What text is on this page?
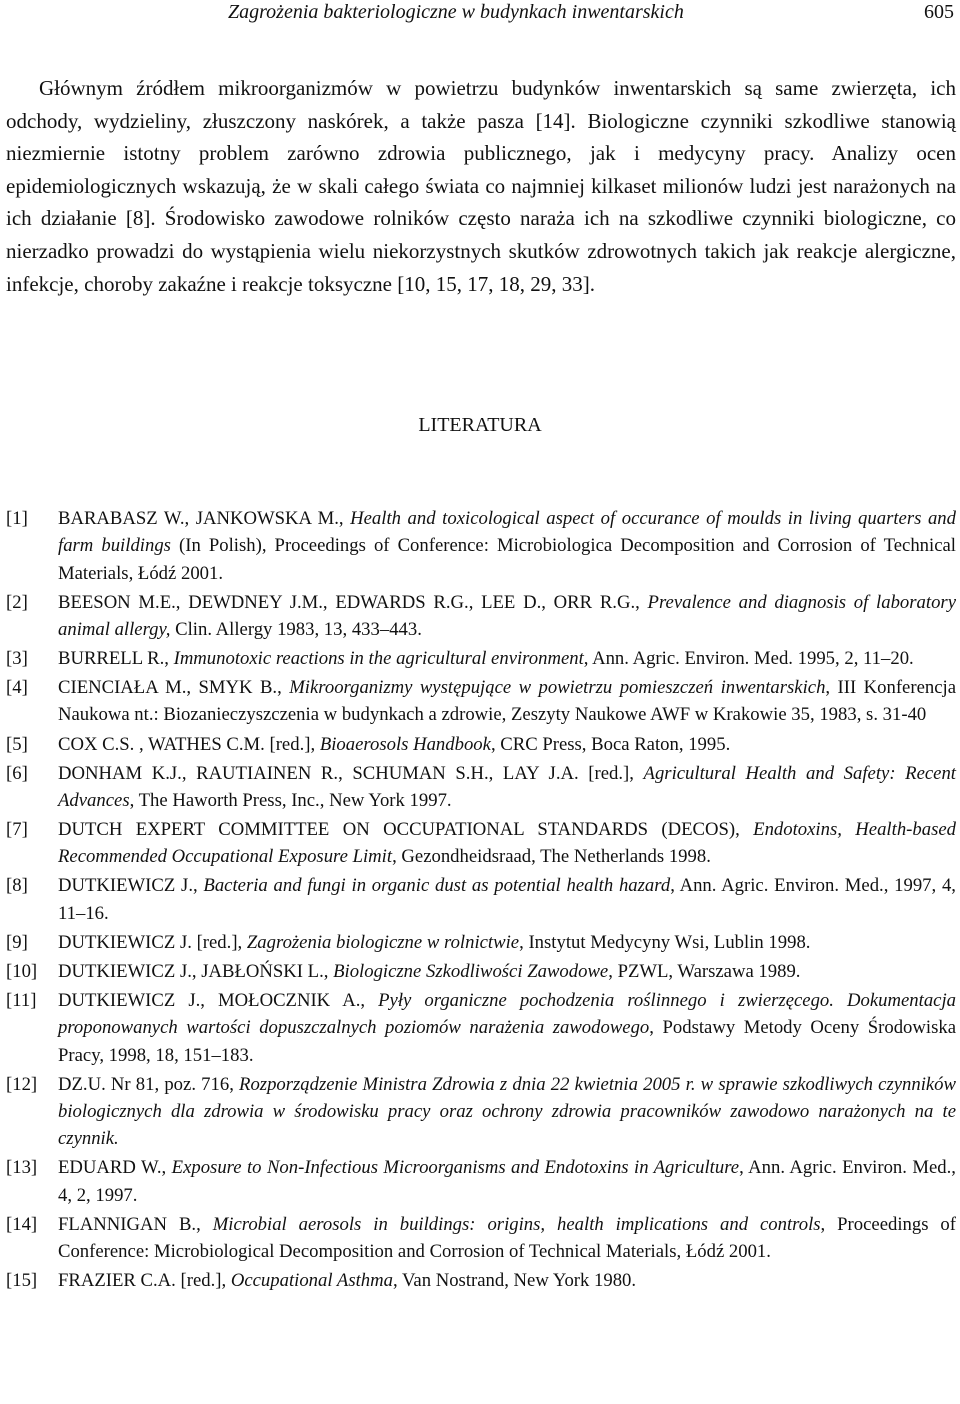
Zagrożenia bakteriologiczne w budynkach inwentarskich	605

Głównym źródłem mikroorganizmów w powietrzu budynków inwentarskich są same zwierzęta, ich odchody, wydzieliny, złuszczony naskórek, a także pasza [14]. Biologiczne czynniki szkodliwe stanowią niezmiernie istotny problem zarówno zdrowia publicznego, jak i medycyny pracy. Analizy ocen epidemiologicznych wskazują, że w skali całego świata co najmniej kilkaset milionów ludzi jest narażonych na ich działanie [8]. Środowisko zawodowe rolników często naraża ich na szkodliwe czynniki biologiczne, co nierzadko prowadzi do wystąpienia wielu niekorzystnych skutków zdrowotnych takich jak reakcje alergiczne, infekcje, choroby zakaźne i reakcje toksyczne [10, 15, 17, 18, 29, 33].

LITERATURA
[1] BARABASZ W., JANKOWSKA M., Health and toxicological aspect of occurance of moulds in living quarters and farm buildings (In Polish), Proceedings of Conference: Microbiologica Decomposition and Corrosion of Technical Materials, Łódź 2001.
[2] BEESON M.E., DEWDNEY J.M., EDWARDS R.G., LEE D., ORR R.G., Prevalence and diagnosis of laboratory animal allergy, Clin. Allergy 1983, 13, 433–443.
[3] BURRELL R., Immunotoxic reactions in the agricultural environment, Ann. Agric. Environ. Med. 1995, 2, 11–20.
[4] CIENCIAŁA M., SMYK B., Mikroorganizmy występujące w powietrzu pomieszczeń inwentarskich, III Konferencja Naukowa nt.: Biozanieczyszczenia w budynkach a zdrowie, Zeszyty Naukowe AWF w Krakowie 35, 1983, s. 31-40
[5] COX C.S. , WATHES C.M. [red.], Bioaerosols Handbook, CRC Press, Boca Raton, 1995.
[6] DONHAM K.J., RAUTIAINEN R., SCHUMAN S.H., LAY J.A. [red.], Agricultural Health and Safety: Recent Advances, The Haworth Press, Inc., New York 1997.
[7] DUTCH EXPERT COMMITTEE ON OCCUPATIONAL STANDARDS (DECOS), Endotoxins, Health-based Recommended Occupational Exposure Limit, Gezondheidsraad, The Netherlands 1998.
[8] DUTKIEWICZ J., Bacteria and fungi in organic dust as potential health hazard, Ann. Agric. Environ. Med., 1997, 4, 11–16.
[9] DUTKIEWICZ J. [red.], Zagrożenia biologiczne w rolnictwie, Instytut Medycyny Wsi, Lublin 1998.
[10] DUTKIEWICZ J., JABŁOŃSKI L., Biologiczne Szkodliwości Zawodowe, PZWL, Warszawa 1989.
[11] DUTKIEWICZ J., MOŁOCZNIK A., Pyły organiczne pochodzenia roślinnego i zwierzęcego. Dokumentacja proponowanych wartości dopuszczalnych poziomów narażenia zawodowego, Podstawy Metody Oceny Środowiska Pracy, 1998, 18, 151–183.
[12] DZ.U. Nr 81, poz. 716, Rozporządzenie Ministra Zdrowia z dnia 22 kwietnia 2005 r. w sprawie szkodliwych czynników biologicznych dla zdrowia w środowisku pracy oraz ochrony zdrowia pracowników zawodowo narażonych na te czynnik.
[13] EDUARD W., Exposure to Non-Infectious Microorganisms and Endotoxins in Agriculture, Ann. Agric. Environ. Med., 4, 2, 1997.
[14] FLANNIGAN B., Microbial aerosols in buildings: origins, health implications and controls, Proceedings of Conference: Microbiological Decomposition and Corrosion of Technical Materials, Łódź 2001.
[15] FRAZIER C.A. [red.], Occupational Asthma, Van Nostrand, New York 1980.
